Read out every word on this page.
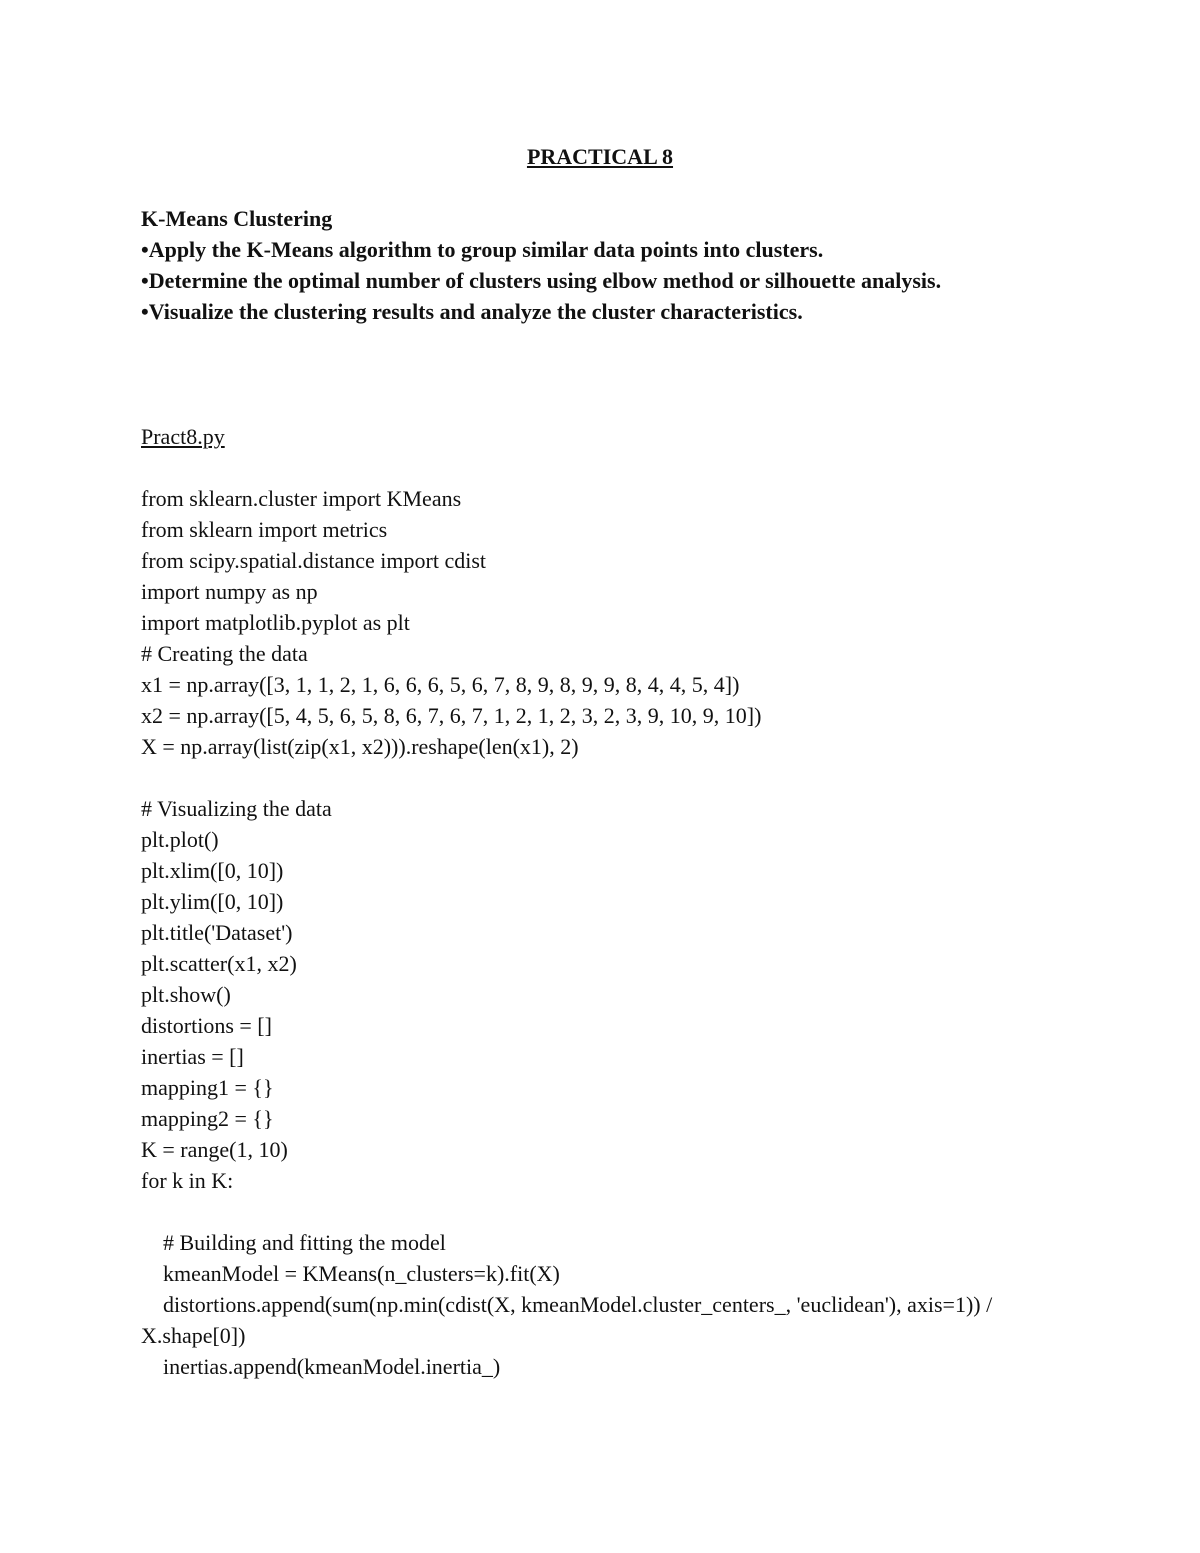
PRACTICAL 8
K-Means Clustering
•Apply the K-Means algorithm to group similar data points into clusters.
•Determine the optimal number of clusters using elbow method or silhouette analysis.
•Visualize the clustering results and analyze the cluster characteristics.
Pract8.py
from sklearn.cluster import KMeans
from sklearn import metrics
from scipy.spatial.distance import cdist
import numpy as np
import matplotlib.pyplot as plt
# Creating the data
x1 = np.array([3, 1, 1, 2, 1, 6, 6, 6, 5, 6, 7, 8, 9, 8, 9, 9, 8, 4, 4, 5, 4])
x2 = np.array([5, 4, 5, 6, 5, 8, 6, 7, 6, 7, 1, 2, 1, 2, 3, 2, 3, 9, 10, 9, 10])
X = np.array(list(zip(x1, x2))).reshape(len(x1), 2)
# Visualizing the data
plt.plot()
plt.xlim([0, 10])
plt.ylim([0, 10])
plt.title('Dataset')
plt.scatter(x1, x2)
plt.show()
distortions = []
inertias = []
mapping1 = {}
mapping2 = {}
K = range(1, 10)
for k in K:
# Building and fitting the model
kmeanModel = KMeans(n_clusters=k).fit(X)
distortions.append(sum(np.min(cdist(X, kmeanModel.cluster_centers_, 'euclidean'), axis=1)) /
X.shape[0])
inertias.append(kmeanModel.inertia_)
